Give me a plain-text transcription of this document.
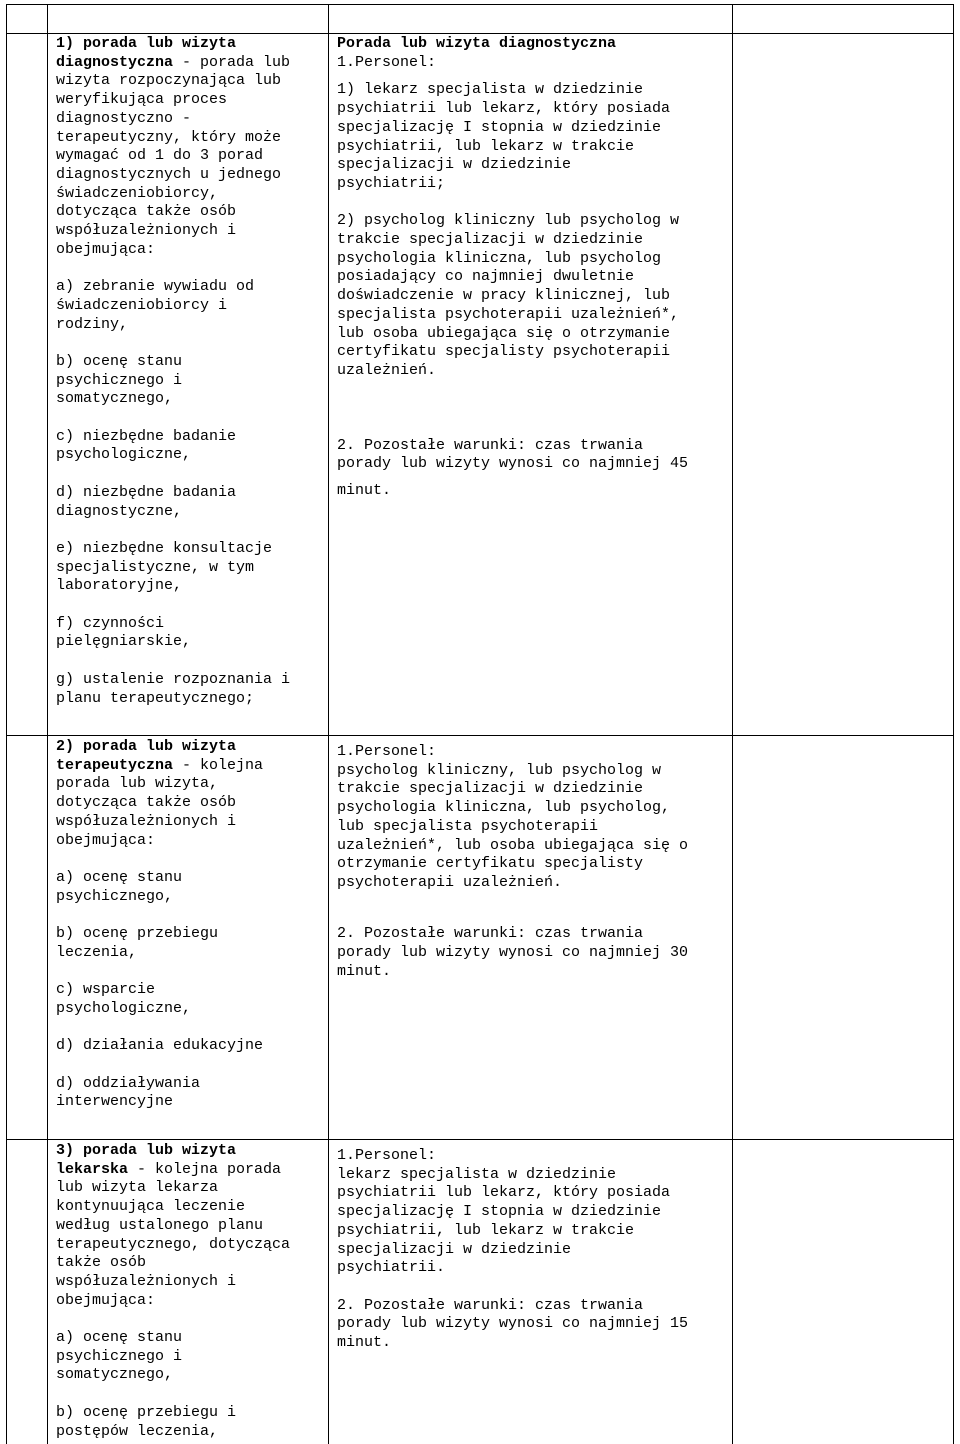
1) porada lub wizyta
diagnostyczna - porada lub
wizyta rozpoczynająca lub
weryfikująca proces
diagnostyczno -
terapeutyczny, który może
wymagać od 1 do 3 porad
diagnostycznych u jednego
świadczeniobiorcy,
dotycząca także osób
współuzależnionych i
obejmująca:
a) zebranie wywiadu od
świadczeniobiorcy i
rodziny,
b) ocenę stanu
psychicznego i
somatycznego,
c) niezbędne badanie
psychologiczne,
d) niezbędne badania
diagnostyczne,
e) niezbędne konsultacje
specjalistyczne, w tym
laboratoryjne,
f) czynności
pielęgniarskie,
g) ustalenie rozpoznania i
planu terapeutycznego;
Porada lub wizyta diagnostyczna
1.Personel:
1) lekarz specjalista w dziedzinie
psychiatrii lub lekarz, który posiada
specjalizację I stopnia w dziedzinie
psychiatrii, lub lekarz w trakcie
specjalizacji w dziedzinie
psychiatrii;
2) psycholog kliniczny lub psycholog w
trakcie specjalizacji w dziedzinie
psychologia kliniczna, lub psycholog
posiadający co najmniej dwuletnie
doświadczenie w pracy klinicznej, lub
specjalista psychoterapii uzależnień*,
lub osoba ubiegająca się o otrzymanie
certyfikatu specjalisty psychoterapii
uzależnień.
2. Pozostałe warunki: czas trwania
porady lub wizyty wynosi co najmniej 45
minut.
2) porada lub wizyta
terapeutyczna - kolejna
porada lub wizyta,
dotycząca także osób
współuzależnionych i
obejmująca:
a) ocenę stanu
psychicznego,
b) ocenę przebiegu
leczenia,
c) wsparcie
psychologiczne,
d) działania edukacyjne
d) oddziaływania
interwencyjne
1.Personel:
psycholog kliniczny, lub psycholog w
trakcie specjalizacji w dziedzinie
psychologia kliniczna, lub psycholog,
lub specjalista psychoterapii
uzależnień*, lub osoba ubiegająca się o
otrzymanie certyfikatu specjalisty
psychoterapii uzależnień.
2. Pozostałe warunki: czas trwania
porady lub wizyty wynosi co najmniej 30
minut.
3) porada lub wizyta
lekarska - kolejna porada
lub wizyta lekarza
kontynuująca leczenie
według ustalonego planu
terapeutycznego, dotycząca
także osób
współuzależnionych i
obejmująca:
a) ocenę stanu
psychicznego i
somatycznego,
b) ocenę przebiegu i
postępów leczenia,
1.Personel:
lekarz specjalista w dziedzinie
psychiatrii lub lekarz, który posiada
specjalizację I stopnia w dziedzinie
psychiatrii, lub lekarz w trakcie
specjalizacji w dziedzinie
psychiatrii.
2. Pozostałe warunki: czas trwania
porady lub wizyty wynosi co najmniej 15
minut.
